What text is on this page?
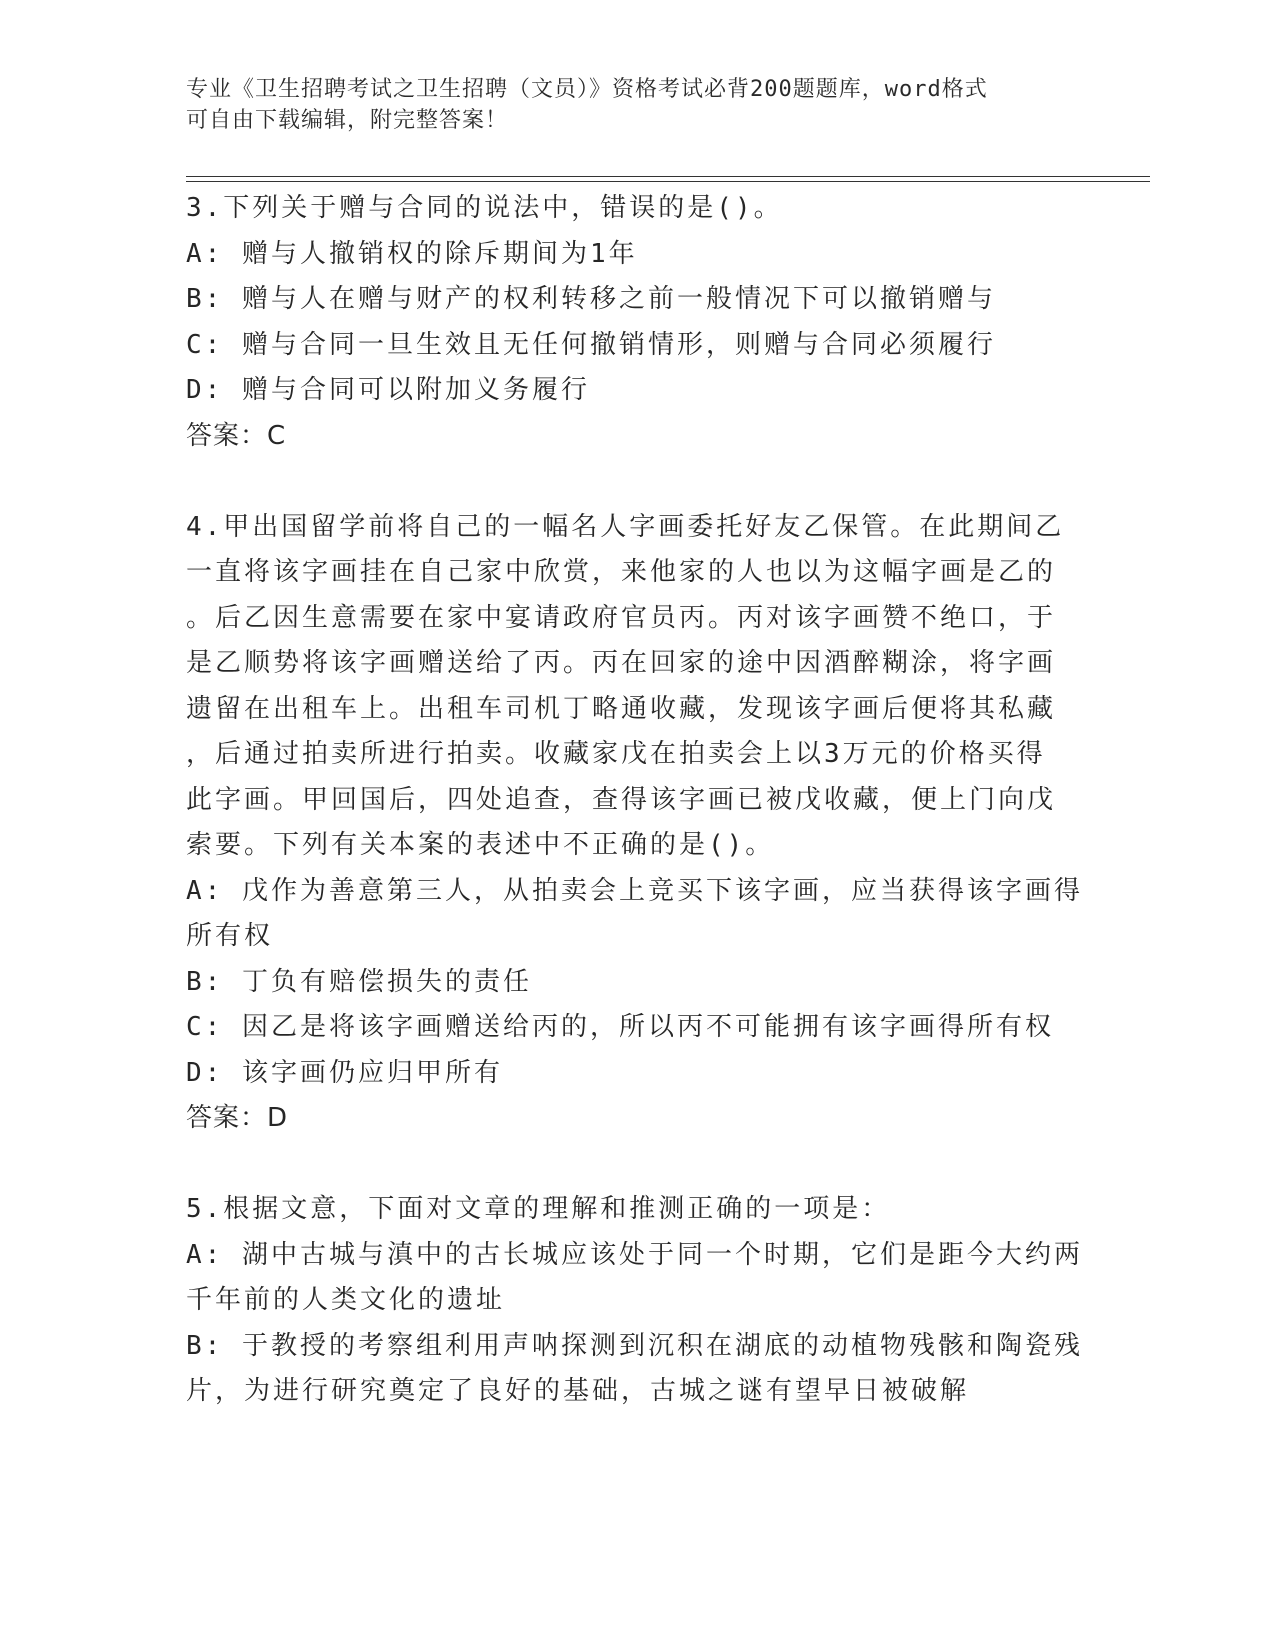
专业《卫生招聘考试之卫生招聘（文员）》资格考试必背200题题库，word格式
可自由下载编辑，附完整答案！

3.下列关于赠与合同的说法中，错误的是()。

A: 赠与人撤销权的除斥期间为1年

B: 赠与人在赠与财产的权利转移之前一般情况下可以撤销赠与

C: 赠与合同一旦生效且无任何撤销情形，则赠与合同必须履行

D: 赠与合同可以附加义务履行

答案：C

4.甲出国留学前将自己的一幅名人字画委托好友乙保管。在此期间乙

一直将该字画挂在自己家中欣赏，来他家的人也以为这幅字画是乙的

。后乙因生意需要在家中宴请政府官员丙。丙对该字画赞不绝口，于

是乙顺势将该字画赠送给了丙。丙在回家的途中因酒醉糊涂，将字画

遗留在出租车上。出租车司机丁略通收藏，发现该字画后便将其私藏

，后通过拍卖所进行拍卖。收藏家戊在拍卖会上以3万元的价格买得

此字画。甲回国后，四处追查，查得该字画已被戊收藏，便上门向戊

索要。下列有关本案的表述中不正确的是()。

A: 戊作为善意第三人，从拍卖会上竞买下该字画，应当获得该字画得

所有权

B: 丁负有赔偿损失的责任

C: 因乙是将该字画赠送给丙的，所以丙不可能拥有该字画得所有权

D: 该字画仍应归甲所有

答案：D

5.根据文意，下面对文章的理解和推测正确的一项是：

A: 湖中古城与滇中的古长城应该处于同一个时期，它们是距今大约两

千年前的人类文化的遗址

B: 于教授的考察组利用声呐探测到沉积在湖底的动植物残骸和陶瓷残

片，为进行研究奠定了良好的基础，古城之谜有望早日被破解
